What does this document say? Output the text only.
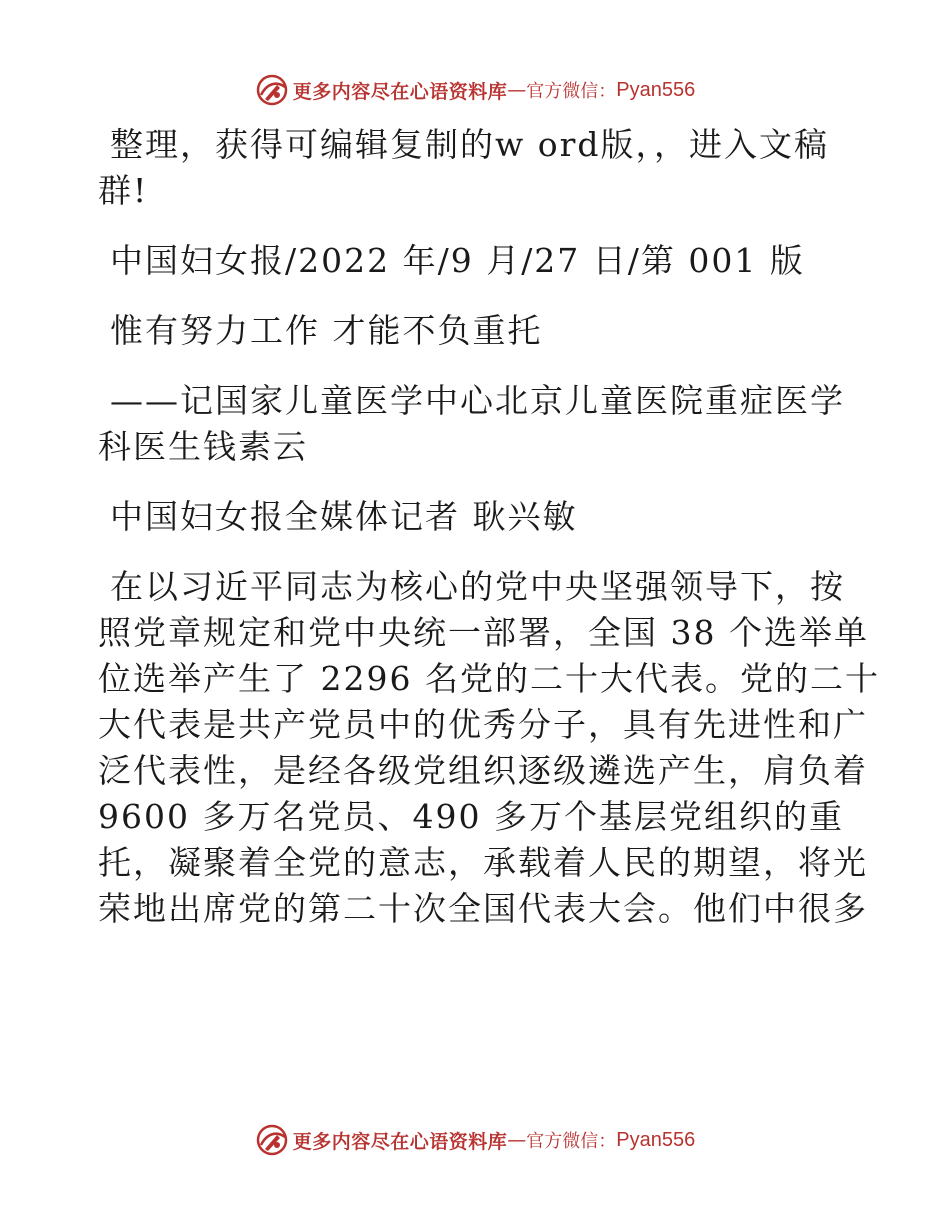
更多内容尽在心语资料库 — 官方微信： Pyan556
整理，获得可编辑复制的w ord版，，进入文稿
群!
中国妇女报/2022 年/9 月/27 日/第 001 版
惟有努力工作 才能不负重托
——记国家儿童医学中心北京儿童医院重症医学
科医生钱素云
中国妇女报全媒体记者 耿兴敏
在以习近平同志为核心的党中央坚强领导下，按
照党章规定和党中央统一部署，全国 38 个选举单
位选举产生了 2296 名党的二十大代表。党的二十
大代表是共产党员中的优秀分子，具有先进性和广
泛代表性，是经各级党组织逐级遴选产生，肩负着
9600 多万名党员、490 多万个基层党组织的重
托，凝聚着全党的意志，承载着人民的期望，将光
荣地出席党的第二十次全国代表大会。他们中很多
更多内容尽在心语资料库 — 官方微信： Pyan556
